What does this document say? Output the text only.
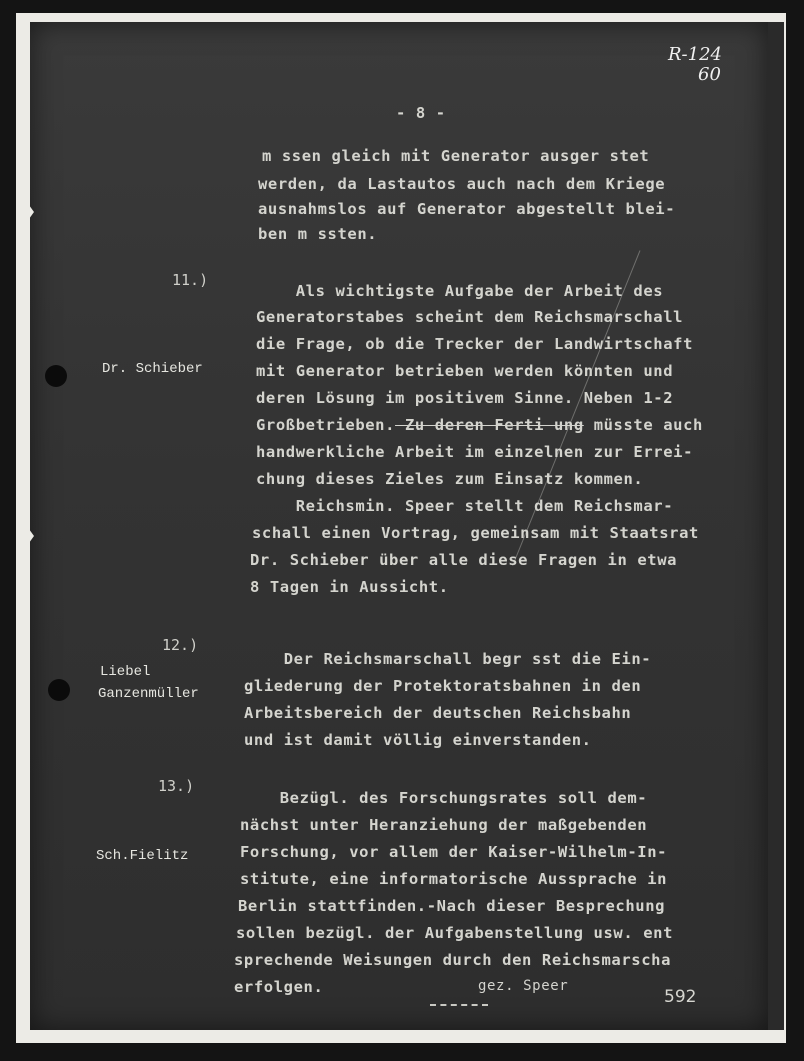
R-124
60
- 8 -
m ssen gleich mit Generator ausger stet
werden, da Lastautos auch nach dem Kriege
ausnahmslos auf Generator abgestellt blei-
ben m ssten.
11.)
Dr. Schieber
Als wichtigste Aufgabe der Arbeit des
Generatorstabes scheint dem Reichsmarschall
die Frage, ob die Trecker der Landwirtschaft
mit Generator betrieben werden könnten und
deren Lösung im positivem Sinne. Neben 1-2
Großbetrieben. Zu deren Ferti ung müsste auch
handwerkliche Arbeit im einzelnen zur Errei-
chung dieses Zieles zum Einsatz kommen.
Reichsmin. Speer stellt dem Reichsmar-
schall einen Vortrag, gemeinsam mit Staatsrat
Dr. Schieber über alle diese Fragen in etwa
8 Tagen in Aussicht.
12.)
Liebel
Ganzenmüller
Der Reichsmarschall begr sst die Ein-
gliederung der Protektoratsbahnen in den
Arbeitsbereich der deutschen Reichsbahn
und ist damit völlig einverstanden.
13.)
Sch.Fielitz
Bezügl. des Forschungsrates soll dem-
nächst unter Heranziehung der maßgebenden
Forschung, vor allem der Kaiser-Wilhelm-In-
stitute, eine informatorische Aussprache in
Berlin stattfinden.-Nach dieser Besprechung
sollen bezügl. der Aufgabenstellung usw. ent
sprechende Weisungen durch den Reichsmarscha
erfolgen.	gez. Speer
592
